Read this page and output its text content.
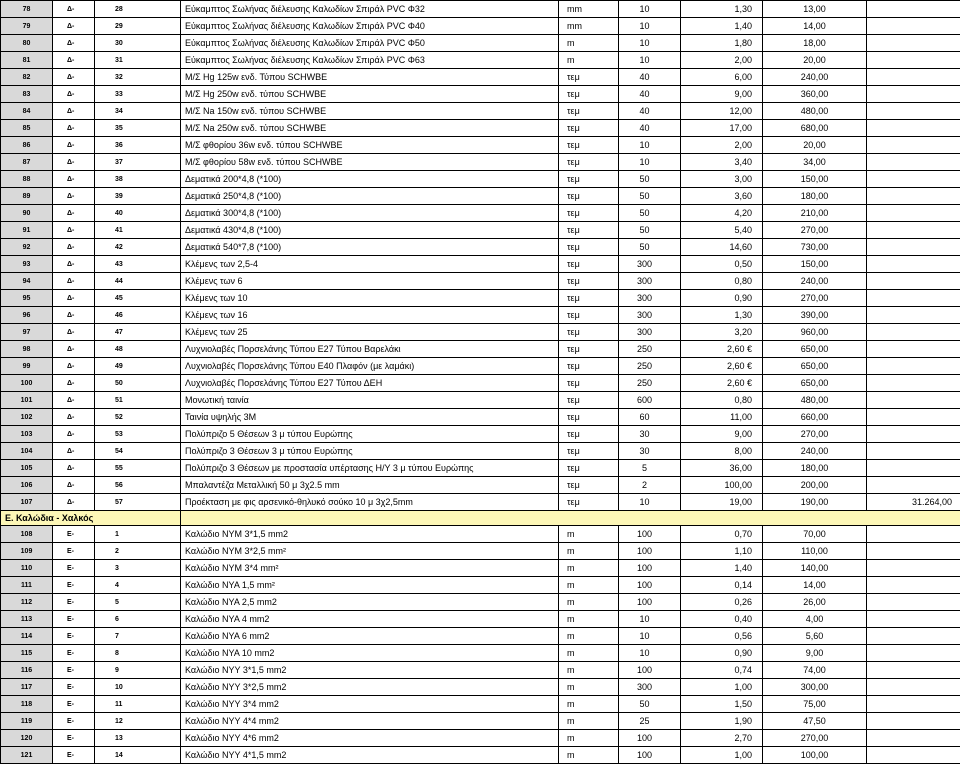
78	Δ-	28	Εύκαμπτος Σωλήνας διέλευσης Καλωδίων Σπιράλ PVC Φ32	mm	10	1,30	13,00	
79	Δ-	29	Εύκαμπτος Σωλήνας διέλευσης Καλωδίων Σπιράλ PVC Φ40	mm	10	1,40	14,00	
80	Δ-	30	Εύκαμπτος Σωλήνας διέλευσης Καλωδίων Σπιράλ PVC Φ50	m	10	1,80	18,00	
81	Δ-	31	Εύκαμπτος Σωλήνας διέλευσης Καλωδίων Σπιράλ PVC Φ63	m	10	2,00	20,00	
82	Δ-	32	Μ/Σ Hg 125w ενδ. Τύπου SCHWBE	τεμ	40	6,00	240,00	
83	Δ-	33	Μ/Σ Hg 250w ενδ. τύπου SCHWBE	τεμ	40	9,00	360,00	
84	Δ-	34	Μ/Σ Na 150w ενδ. τύπου SCHWBE	τεμ	40	12,00	480,00	
85	Δ-	35	Μ/Σ Na 250w ενδ. τύπου SCHWBE	τεμ	40	17,00	680,00	
86	Δ-	36	Μ/Σ φθορίου 36w ενδ. τύπου SCHWBE	τεμ	10	2,00	20,00	
87	Δ-	37	Μ/Σ φθορίου 58w ενδ. τύπου SCHWBE	τεμ	10	3,40	34,00	
88	Δ-	38	Δεματικά 200*4,8 (*100)	τεμ	50	3,00	150,00	
89	Δ-	39	Δεματικά 250*4,8 (*100)	τεμ	50	3,60	180,00	
90	Δ-	40	Δεματικά 300*4,8 (*100)	τεμ	50	4,20	210,00	
91	Δ-	41	Δεματικά 430*4,8 (*100)	τεμ	50	5,40	270,00	
92	Δ-	42	Δεματικά 540*7,8 (*100)	τεμ	50	14,60	730,00	
93	Δ-	43	Κλέμενς των 2,5-4	τεμ	300	0,50	150,00	
94	Δ-	44	Κλέμενς των 6	τεμ	300	0,80	240,00	
95	Δ-	45	Κλέμενς των 10	τεμ	300	0,90	270,00	
96	Δ-	46	Κλέμενς των 16	τεμ	300	1,30	390,00	
97	Δ-	47	Κλέμενς των 25	τεμ	300	3,20	960,00	
98	Δ-	48	Λυχνιολαβές Πορσελάνης Τύπου Ε27 Τύπου Βαρελάκι	τεμ	250	2,60 €	650,00	
99	Δ-	49	Λυχνιολαβές Πορσελάνης Τύπου Ε40 Πλαφόν (με λαμάκι)	τεμ	250	2,60 €	650,00	
100	Δ-	50	Λυχνιολαβές Πορσελάνης Τύπου Ε27 Τύπου ΔΕΗ	τεμ	250	2,60 €	650,00	
101	Δ-	51	Μονωτική ταινία	τεμ	600	0,80	480,00	
102	Δ-	52	Ταινία υψηλής 3Μ	τεμ	60	11,00	660,00	
103	Δ-	53	Πολύπριζο 5 Θέσεων 3 μ τύπου Ευρώπης	τεμ	30	9,00	270,00	
104	Δ-	54	Πολύπριζο 3 Θέσεων 3 μ τύπου Ευρώπης	τεμ	30	8,00	240,00	
105	Δ-	55	Πολύπριζο 3 Θέσεων με προστασία υπέρτασης Η/Υ 3 μ τύπου Ευρώπης	τεμ	5	36,00	180,00	
106	Δ-	56	Μπαλαντέζα Μεταλλική 50 μ 3χ2.5 mm	τεμ	2	100,00	200,00	
107	Δ-	57	Προέκταση με φις αρσενικό-θηλυκό σούκο 10 μ 3χ2,5mm	τεμ	10	19,00	190,00	31.264,00
Ε. Καλώδια - Χαλκός								
108	Ε-	1	Καλώδιο ΝΥΜ 3*1,5 mm2	m	100	0,70	70,00	
109	Ε-	2	Καλώδιο ΝΥΜ 3*2,5 mm²	m	100	1,10	110,00	
110	Ε-	3	Καλώδιο ΝΥΜ 3*4 mm²	m	100	1,40	140,00	
111	Ε-	4	Καλώδιο ΝΥΑ 1,5 mm²	m	100	0,14	14,00	
112	Ε-	5	Καλώδιο ΝΥΑ 2,5 mm2	m	100	0,26	26,00	
113	Ε-	6	Καλώδιο ΝΥΑ 4 mm2	m	10	0,40	4,00	
114	Ε-	7	Καλώδιο ΝΥΑ 6 mm2	m	10	0,56	5,60	
115	Ε-	8	Καλώδιο ΝΥΑ 10 mm2	m	10	0,90	9,00	
116	Ε-	9	Καλώδιο ΝΥΥ 3*1,5 mm2	m	100	0,74	74,00	
117	Ε-	10	Καλώδιο ΝΥΥ 3*2,5 mm2	m	300	1,00	300,00	
118	Ε-	11	Καλώδιο ΝΥΥ 3*4 mm2	m	50	1,50	75,00	
119	Ε-	12	Καλώδιο ΝΥΥ 4*4 mm2	m	25	1,90	47,50	
120	Ε-	13	Καλώδιο ΝΥΥ 4*6 mm2	m	100	2,70	270,00	
121	Ε-	14	Καλώδιο ΝΥΥ 4*1,5 mm2	m	100	1,00	100,00	
